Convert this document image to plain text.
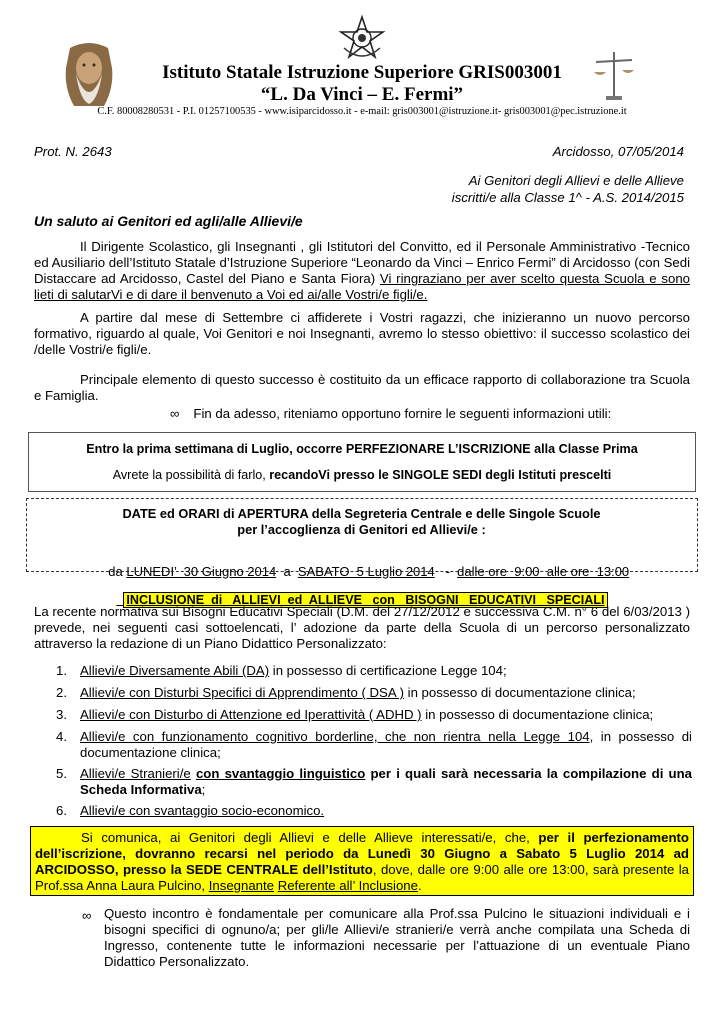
Istituto Statale Istruzione Superiore GRIS003001
“L. Da Vinci – E. Fermi”
C.F. 80008280531 - P.I. 01257100535 - www.isiparcidosso.it - e-mail: gris003001@istruzione.it- gris003001@pec.istruzione.it
Prot. N. 2643	Arcidosso, 07/05/2014
Ai Genitori degli Allievi e delle Allieve
iscritti/e alla Classe 1^ - A.S. 2014/2015
Un saluto ai Genitori ed agli/alle Allievi/e

Il Dirigente Scolastico, gli Insegnanti , gli Istitutori del Convitto, ed il Personale Amministrativo -Tecnico ed Ausiliario dell’Istituto Statale d’Istruzione Superiore “Leonardo da Vinci – Enrico Fermi” di Arcidosso (con Sedi Distaccare ad Arcidosso, Castel del Piano e Santa Fiora) Vi ringraziano per aver scelto questa Scuola e sono lieti di salutarVi e di dare il benvenuto a Voi ed ai/alle Vostri/e figli/e.

A partire dal mese di Settembre ci affiderete i Vostri ragazzi, che inizieranno un nuovo percorso formativo, riguardo al quale, Voi Genitori e noi Insegnanti, avremo lo stesso obiettivo: il successo scolastico dei /delle Vostri/e figli/e.

Principale elemento di questo successo è costituito da un efficace rapporto di collaborazione tra Scuola e Famiglia.

∞ Fin da adesso, riteniamo opportuno fornire le seguenti informazioni utili:
Entro la prima settimana di Luglio, occorre PERFEZIONARE L’ISCRIZIONE alla Classe Prima
Avrete la possibilità di farlo, recandoVi presso le SINGOLE SEDI degli Istituti prescelti
DATE ed ORARI di APERTURA della Segreteria Centrale e delle Singole Scuole
per l’accoglienza di Genitori ed Allievi/e :

da LUNEDI’  30 Giugno 2014  a  SABATO  5 Luglio 2014   -  dalle ore  9:00  alle ore  13:00

INCLUSIONE  di   ALLIEVI  ed  ALLIEVE   con   BISOGNI   EDUCATIVI   SPECIALI

La recente normativa sui Bisogni Educativi Speciali (D.M. del 27/12/2012 e successiva C.M. n° 6 del 6/03/2013 ) prevede, nei seguenti casi sottoelencati, l’ adozione da parte della Scuola di un percorso personalizzato attraverso la redazione di un Piano Didattico Personalizzato:

1. Allievi/e Diversamente Abili (DA) in possesso di certificazione Legge 104;
2. Allievi/e con Disturbi Specifici di Apprendimento ( DSA ) in possesso di documentazione clinica;
3. Allievi/e con Disturbo di Attenzione ed Iperattività ( ADHD ) in possesso di documentazione clinica;
4. Allievi/e con funzionamento cognitivo borderline, che non rientra nella Legge 104, in possesso di documentazione clinica;
5. Allievi/e Stranieri/e con svantaggio linguistico per i quali sarà necessaria la compilazione di una Scheda Informativa;
6. Allievi/e con svantaggio socio-economico.
Si comunica, ai Genitori degli Allievi e delle Allieve interessati/e, che, per il perfezionamento dell’iscrizione, dovranno recarsi nel periodo da Lunedì 30 Giugno a Sabato 5 Luglio 2014 ad ARCIDOSSO, presso la SEDE CENTRALE dell’Istituto, dove, dalle ore 9:00 alle ore 13:00, sarà presente la Prof.ssa Anna Laura Pulcino, Insegnante Referente all’ Inclusione.
∞ Questo incontro è fondamentale per comunicare alla Prof.ssa Pulcino le situazioni individuali e i bisogni specifici di ognuno/a; per gli/le Allievi/e stranieri/e verrà anche compilata una Scheda di Ingresso, contenente tutte le informazioni necessarie per l’attuazione di un eventuale Piano Didattico Personalizzato.
